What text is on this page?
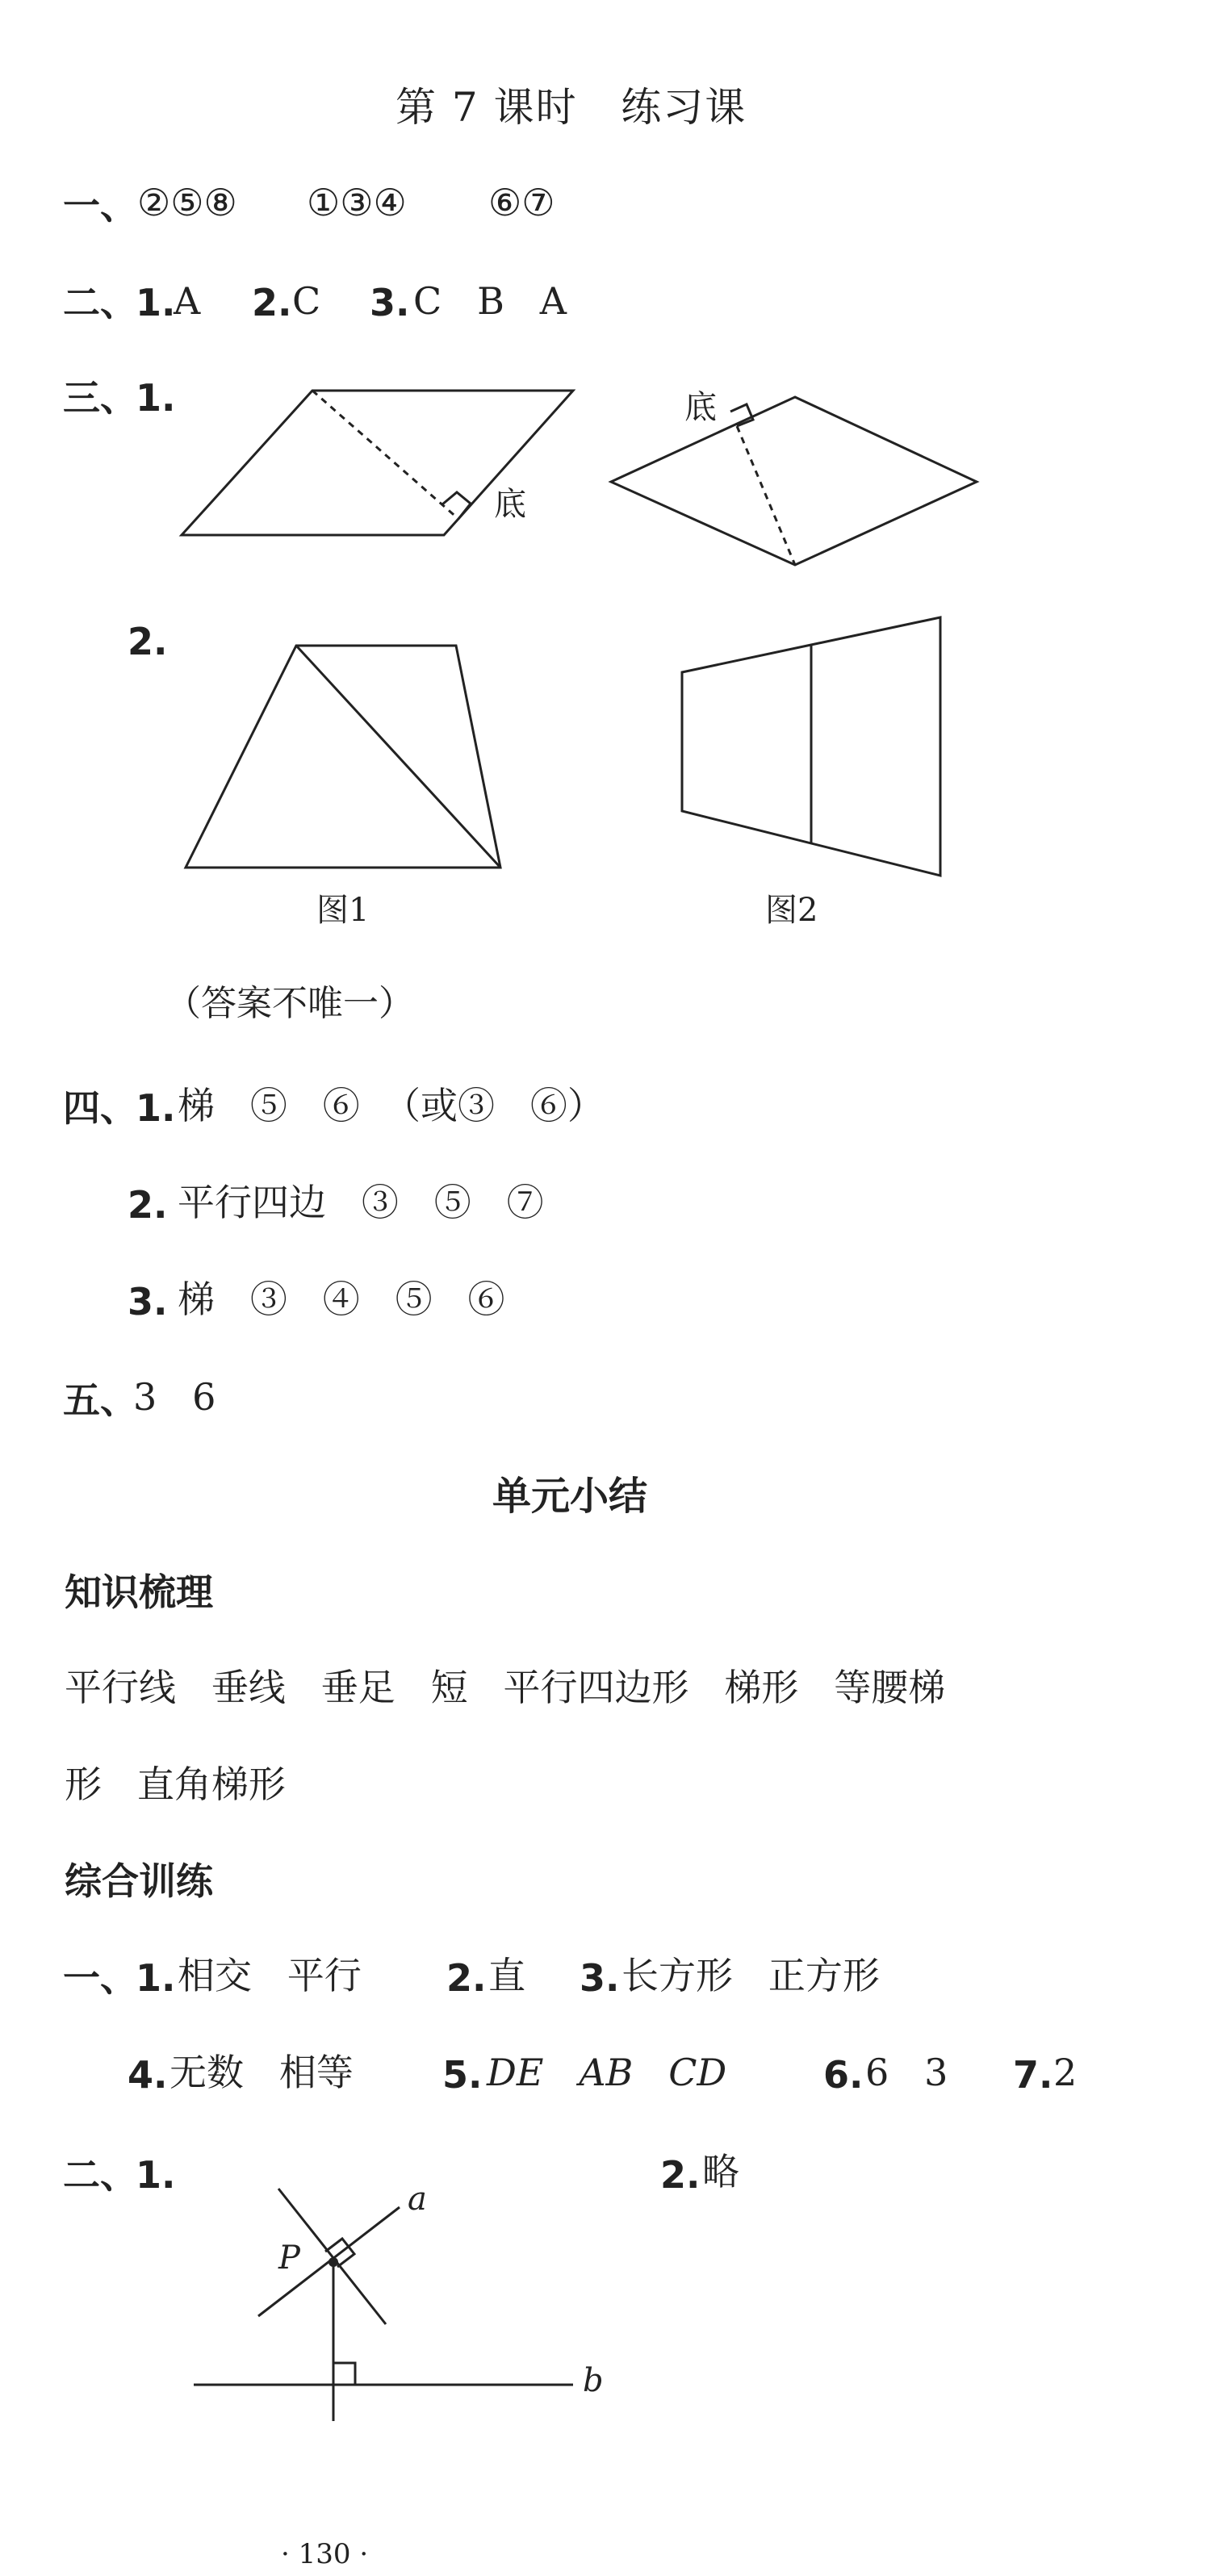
第 7 课时   练习课
一、 ②⑤⑧ ①③④ ⑥⑦
二、
1.
A 2. C 3. C   B   A
三、
1.
2.
底
底
图1	图2
（答案不唯一）
四、
1. 梯   ⑤   ⑥  （或③   ⑥）
2. 平行四边   ③   ⑤   ⑦
3. 梯   ③   ④   ⑤   ⑥
五、
3   6
单元小结
知识梳理
平行线   垂线   垂足   短   平行四边形   梯形   等腰梯
形   直角梯形
综合训练
一、
1. 相交   平行 2. 直 3. 长方形   正方形
4. 无数   相等 5. DE   AB   CD	6. 6   3 7. 2
二、
1.	2. 略
a
P
b
· 130 ·
